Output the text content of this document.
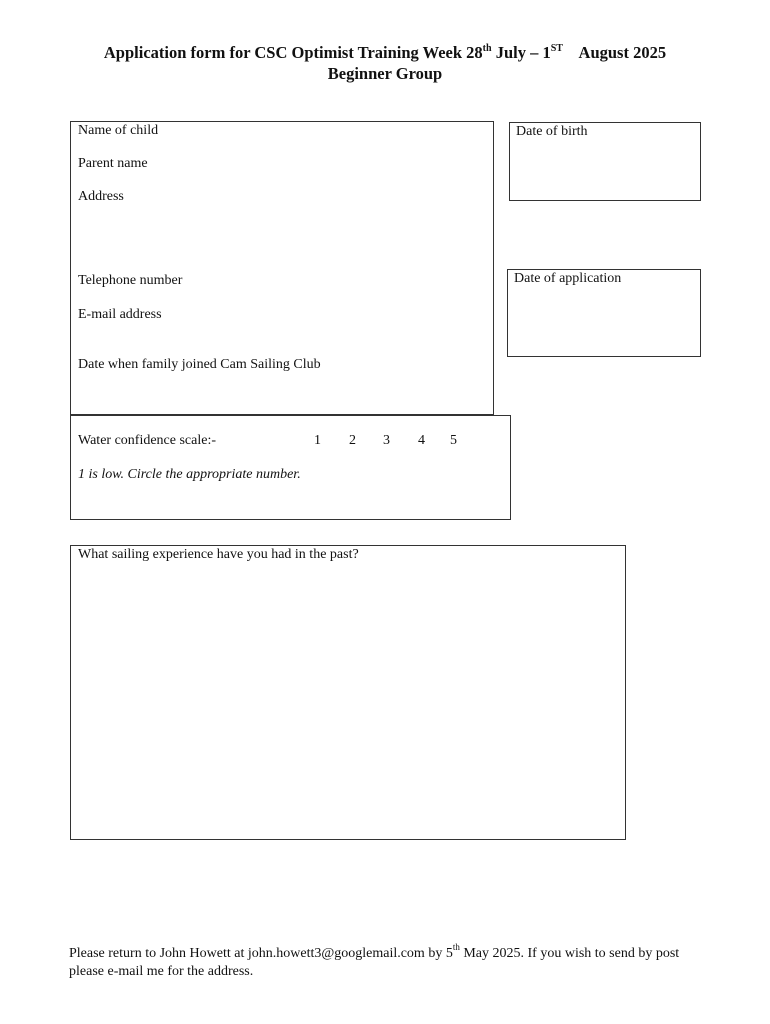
Application form for CSC Optimist Training Week 28th July – 1ST    August 2025
Beginner Group
Name of child
Parent name
Address
Telephone number
E-mail address
Date when family joined Cam Sailing Club
Date of birth
Date of application
Water confidence scale:-	1 2 3 4 5
1 is low. Circle the appropriate number.
What sailing experience have you had in the past?
Please return to John Howett at john.howett3@googlemail.com by 5th May 2025. If you wish to send by post please e-mail me for the address.
